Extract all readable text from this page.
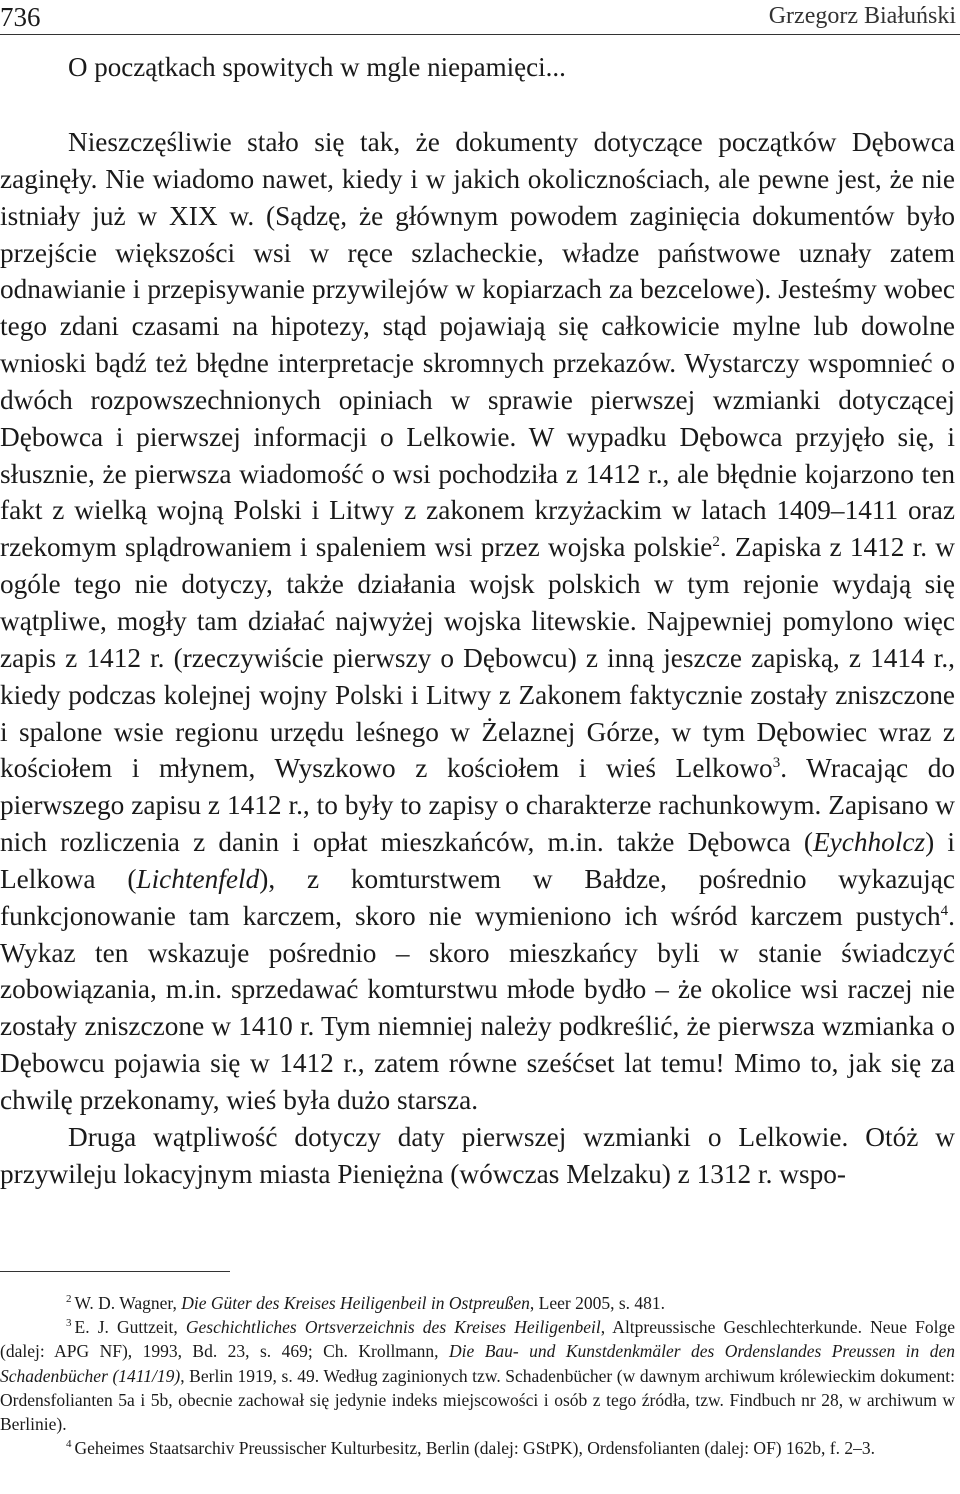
736	Grzegorz Białuński
O początkach spowitych w mgle niepamięci...

Nieszczęśliwie stało się tak, że dokumenty dotyczące początków Dębowca zaginęły. Nie wiadomo nawet, kiedy i w jakich okolicznościach, ale pewne jest, że nie istniały już w XIX w. (Sądzę, że głównym powodem zaginięcia dokumentów było przejście większości wsi w ręce szlacheckie, władze państwowe uznały zatem odnawianie i przepisywanie przywilejów w kopiarzach za bezcelowe). Jesteśmy wobec tego zdani czasami na hipotezy, stąd pojawiają się całkowicie mylne lub dowolne wnioski bądź też błędne interpretacje skromnych przekazów. Wystarczy wspomnieć o dwóch rozpowszechnionych opiniach w sprawie pierwszej wzmianki dotyczącej Dębowca i pierwszej informacji o Lelkowie. W wypadku Dębowca przyjęło się, i słusznie, że pierwsza wiadomość o wsi pochodziła z 1412 r., ale błędnie kojarzono ten fakt z wielką wojną Polski i Litwy z zakonem krzyżackim w latach 1409–1411 oraz rzekomym splądrowaniem i spaleniem wsi przez wojska polskie$^2$. Zapiska z 1412 r. w ogóle tego nie dotyczy, także działania wojsk polskich w tym rejonie wydają się wątpliwe, mogły tam działać najwyżej wojska litewskie. Najpewniej pomylono więc zapis z 1412 r. (rzeczywiście pierwszy o Dębowcu) z inną jeszcze zapiską, z 1414 r., kiedy podczas kolejnej wojny Polski i Litwy z Zakonem faktycznie zostały zniszczone i spalone wsie regionu urzędu leśnego w Żelaznej Górze, w tym Dębowiec wraz z kościołem i młynem, Wyszkowo z kościołem i wieś Lelkowo$^3$. Wracając do pierwszego zapisu z 1412 r., to były to zapisy o charakterze rachunkowym. Zapisano w nich rozliczenia z danin i opłat mieszkańców, m.in. także Dębowca (Eychholcz) i Lelkowa (Lichtenfeld), z komturstwem w Bałdze, pośrednio wykazując funkcjonowanie tam karczem, skoro nie wymieniono ich wśród karczem pustych$^4$. Wykaz ten wskazuje pośrednio – skoro mieszkańcy byli w stanie świadczyć zobowiązania, m.in. sprzedawać komturstwu młode bydło – że okolice wsi raczej nie zostały zniszczone w 1410 r. Tym niemniej należy podkreślić, że pierwsza wzmianka o Dębowcu pojawia się w 1412 r., zatem równe sześćset lat temu! Mimo to, jak się za chwilę przekonamy, wieś była dużo starsza.

Druga wątpliwość dotyczy daty pierwszej wzmianki o Lelkowie. Otóż w przywileju lokacyjnym miasta Pieniężna (wówczas Melzaku) z 1312 r. wspo-

$^2$ W. D. Wagner, Die Güter des Kreises Heiligenbeil in Ostpreußen, Leer 2005, s. 481.

$^3$ E. J. Guttzeit, Geschichtliches Ortsverzeichnis des Kreises Heiligenbeil, Altpreussische Geschlechterkunde. Neue Folge (dalej: APG NF), 1993, Bd. 23, s. 469; Ch. Krollmann, Die Bau- und Kunstdenkmäler des Ordenslandes Preussen in den Schadenbücher (1411/19), Berlin 1919, s. 49. Według zaginionych tzw. Schadenbücher (w dawnym archiwum królewieckim dokument: Ordensfolianten 5a i 5b, obecnie zachował się jedynie indeks miejscowości i osób z tego źródła, tzw. Findbuch nr 28, w archiwum w Berlinie).

$^4$ Geheimes Staatsarchiv Preussischer Kulturbesitz, Berlin (dalej: GStPK), Ordensfolianten (dalej: OF) 162b, f. 2–3.
